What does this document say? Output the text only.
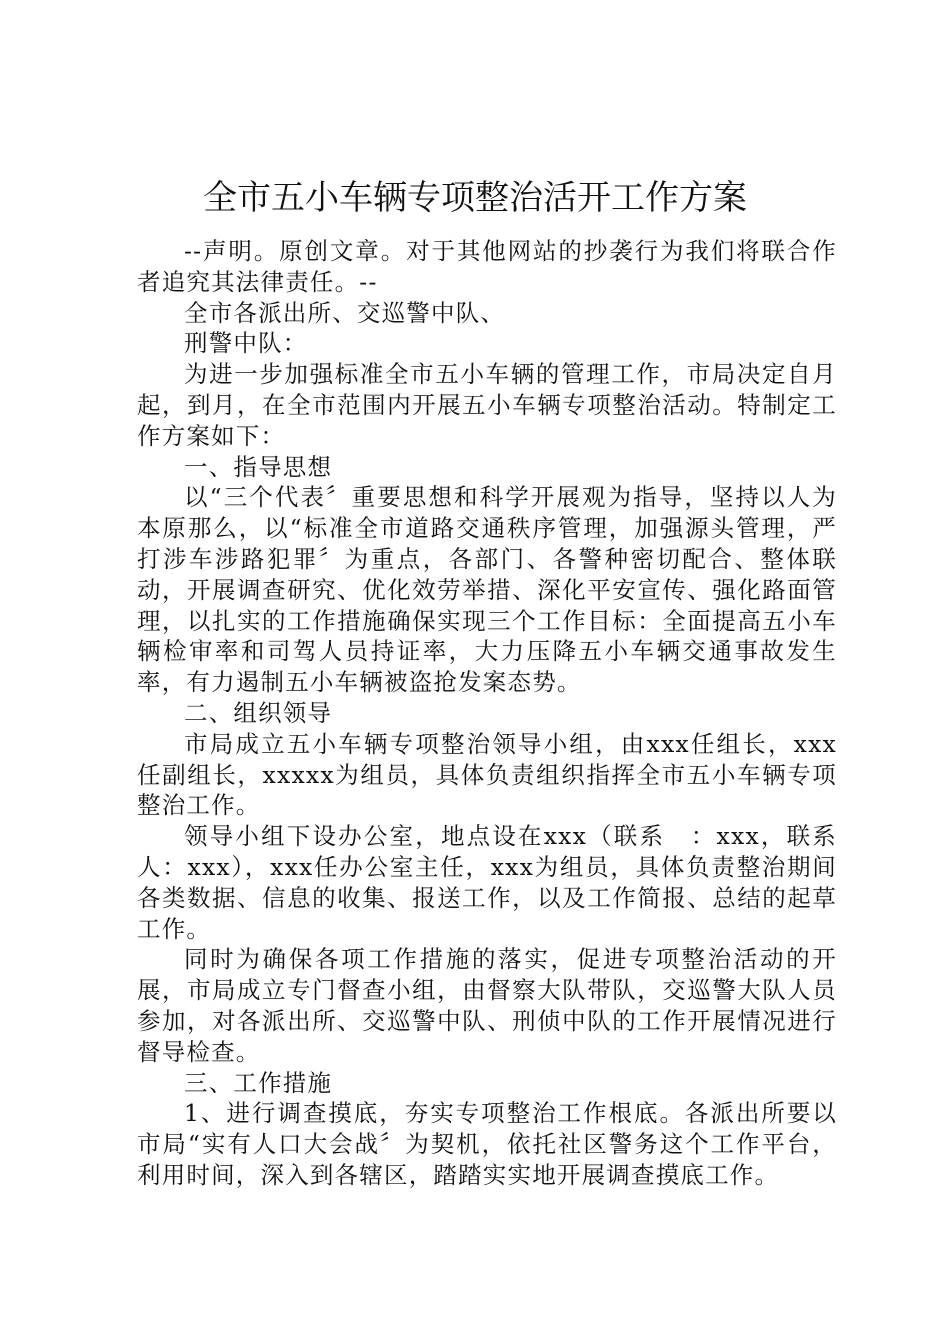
全市五小车辆专项整治活开工作方案

--声明。原创文章。对于其他网站的抄袭行为我们将联合作者追究其法律责任。--

全市各派出所、交巡警中队、

刑警中队：

为进一步加强标准全市五小车辆的管理工作，市局决定自月起，到月，在全市范围内开展五小车辆专项整治活动。特制定工作方案如下：

一、指导思想

以“三个代表〞重要思想和科学开展观为指导，坚持以人为本原那么，以“标准全市道路交通秩序管理，加强源头管理，严打涉车涉路犯罪〞为重点，各部门、各警种密切配合、整体联动，开展调查研究、优化效劳举措、深化平安宣传、强化路面管理，以扎实的工作措施确保实现三个工作目标：全面提高五小车辆检审率和司驾人员持证率，大力压降五小车辆交通事故发生率，有力遏制五小车辆被盗抢发案态势。

二、组织领导

市局成立五小车辆专项整治领导小组，由xxx任组长，xxx任副组长，xxxxx为组员，具体负责组织指挥全市五小车辆专项整治工作。

领导小组下设办公室，地点设在xxx（联系　：xxx，联系人：xxx），xxx任办公室主任，xxx为组员，具体负责整治期间各类数据、信息的收集、报送工作，以及工作简报、总结的起草工作。

同时为确保各项工作措施的落实，促进专项整治活动的开展，市局成立专门督查小组，由督察大队带队，交巡警大队人员参加，对各派出所、交巡警中队、刑侦中队的工作开展情况进行督导检查。

三、工作措施

1、进行调查摸底，夯实专项整治工作根底。各派出所要以市局“实有人口大会战〞为契机，依托社区警务这个工作平台，利用时间，深入到各辖区，踏踏实实地开展调查摸底工作。
